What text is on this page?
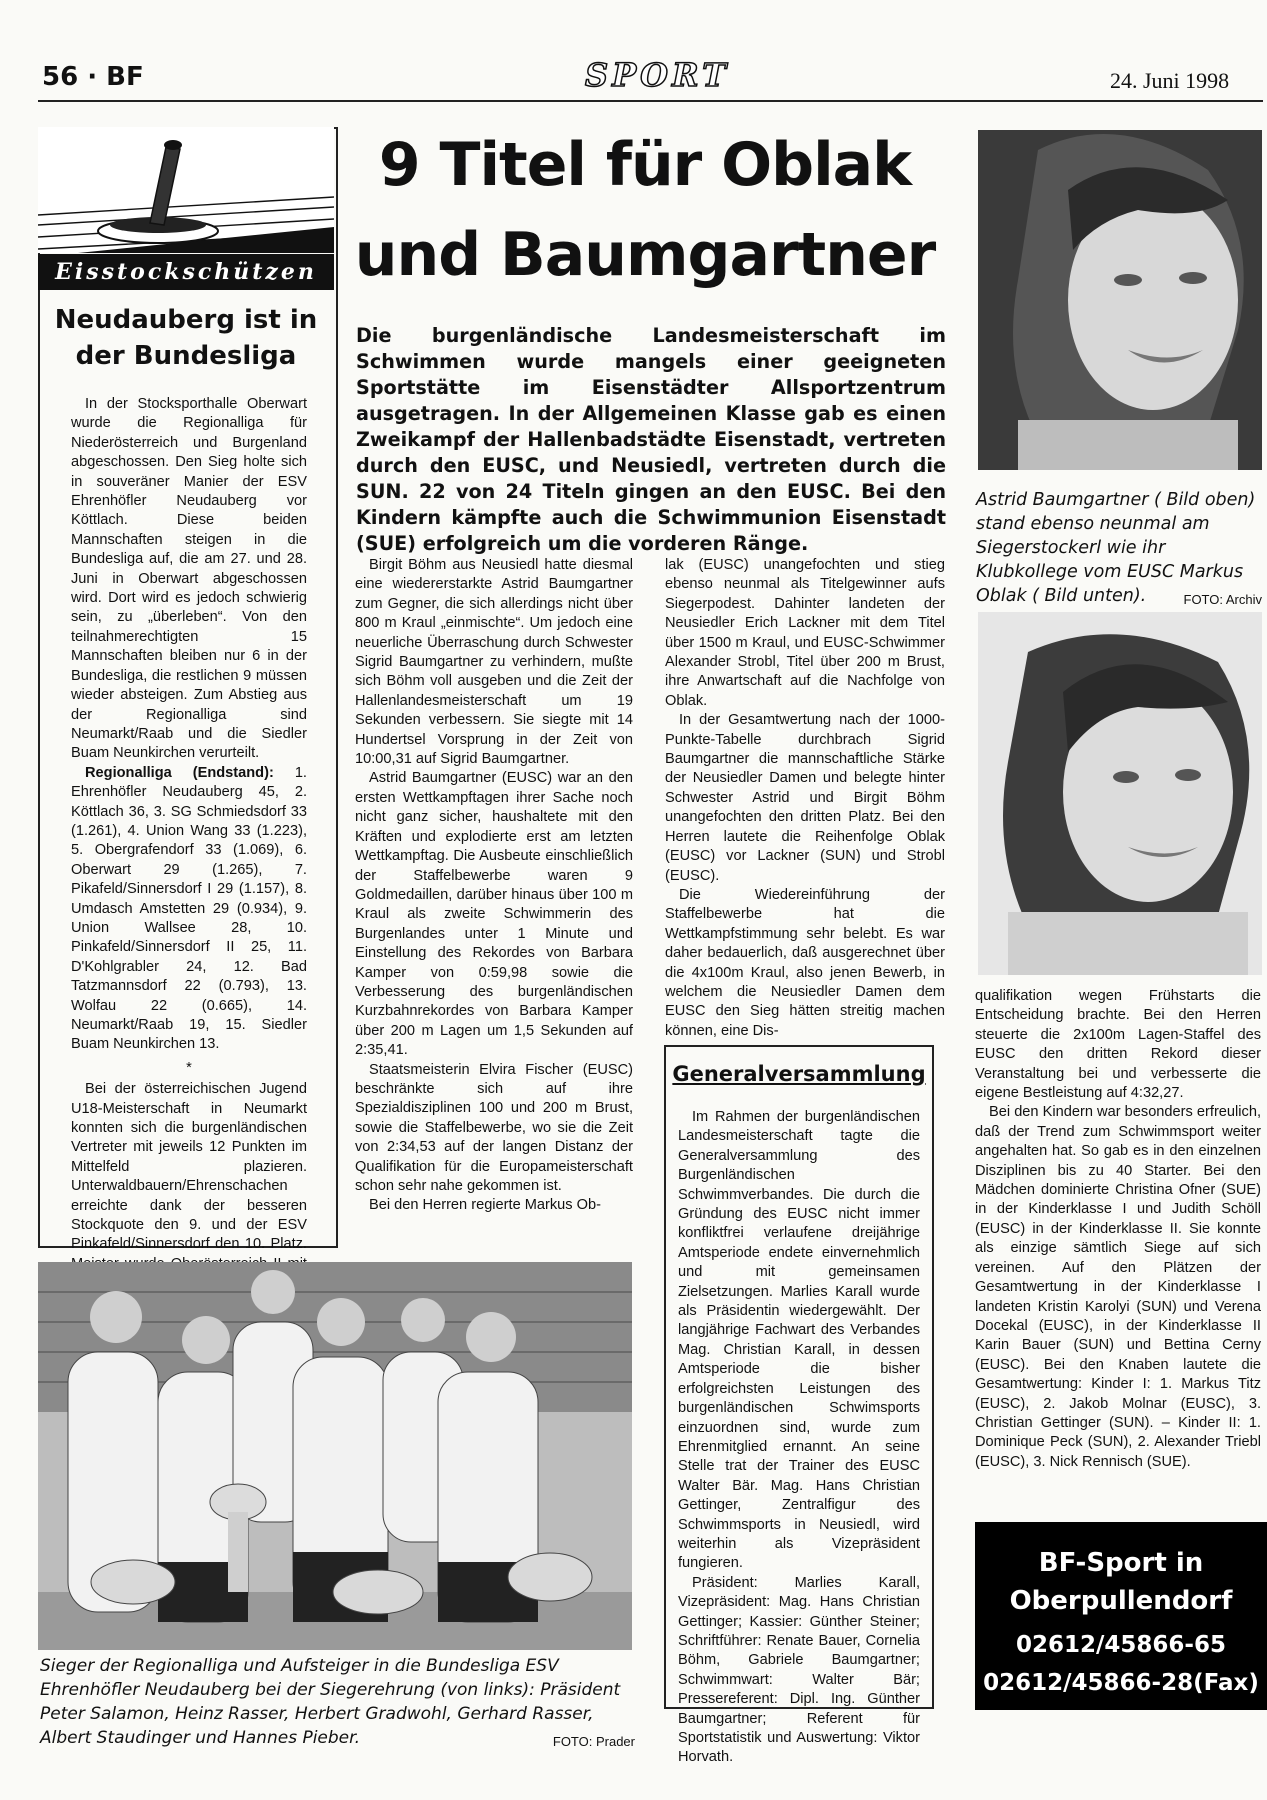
56 · BF	SPORT	24. Juni 1998
Eisstockschützen
Neudauberg ist in der Bundesliga

In der Stocksporthalle Oberwart wurde die Regionalliga für Niederösterreich und Burgenland abgeschossen. Den Sieg holte sich in souveräner Manier der ESV Ehrenhöfler Neudauberg vor Köttlach. Diese beiden Mannschaften steigen in die Bundesliga auf, die am 27. und 28. Juni in Oberwart abgeschossen wird. Dort wird es jedoch schwierig sein, zu „überleben“. Von den teilnahmerechtigten 15 Mannschaften bleiben nur 6 in der Bundesliga, die restlichen 9 müssen wieder absteigen. Zum Abstieg aus der Regionalliga sind Neumarkt/Raab und die Siedler Buam Neunkirchen verurteilt.

Regionalliga (Endstand): 1. Ehrenhöfler Neudauberg 45, 2. Köttlach 36, 3. SG Schmiedsdorf 33 (1.261), 4. Union Wang 33 (1.223), 5. Obergrafendorf 33 (1.069), 6. Oberwart 29 (1.265), 7. Pikafeld/Sinnersdorf I 29 (1.157), 8. Umdasch Amstetten 29 (0.934), 9. Union Wallsee 28, 10. Pinkafeld/Sinnersdorf II 25, 11. D'Kohlgrabler 24, 12. Bad Tatzmannsdorf 22 (0.793), 13. Wolfau 22 (0.665), 14. Neumarkt/Raab 19, 15. Siedler Buam Neunkirchen 13.

*

Bei der österreichischen Jugend U18-Meisterschaft in Neumarkt konnten sich die burgenländischen Vertreter mit jeweils 12 Punkten im Mittelfeld plazieren. Unterwaldbauern/Ehrenschachen erreichte dank der besseren Stockquote den 9. und der ESV Pinkafeld/Sinnersdorf den 10. Platz.

9 Titel für Oblak und Baumgartner
Die burgenländische Landesmeisterschaft im Schwimmen wurde mangels einer geeigneten Sportstätte im Eisenstädter Allsportzentrum ausgetragen. In der Allgemeinen Klasse gab es einen Zweikampf der Hallenbadstädte Eisenstadt, vertreten durch den EUSC, und Neusiedl, vertreten durch die SUN. 22 von 24 Titeln gingen an den EUSC. Bei den Kindern kämpfte auch die Schwimmunion Eisenstadt (SUE) erfolgreich um die vorderen Ränge.

Birgit Böhm aus Neusiedl hatte diesmal eine wiedererstarkte Astrid Baumgartner zum Gegner, die sich allerdings nicht über 800 m Kraul „einmischte“. Um jedoch eine neuerliche Überraschung durch Schwester Sigrid Baumgartner zu verhindern, mußte sich Böhm voll ausgeben und die Zeit der Hallenlandesmeisterschaft um 19 Sekunden verbessern. Sie siegte mit 14 Hundertsel Vorsprung in der Zeit von 10:00,31 auf Sigrid Baumgartner.

Astrid Baumgartner (EUSC) war an den ersten Wettkampftagen ihrer Sache noch nicht ganz sicher, haushaltete mit den Kräften und explodierte erst am letzten Wettkampftag. Die Ausbeute einschließlich der Staffelbewerbe waren 9 Goldmedaillen, darüber hinaus über 100 m Kraul als zweite Schwimmerin des Burgenlandes unter 1 Minute und Einstellung des Rekordes von Barbara Kamper von 0:59,98 sowie die Verbesserung des burgenländischen Kurzbahnrekordes von Barbara Kamper über 200 m Lagen um 1,5 Sekunden auf 2:35,41.

Staatsmeisterin Elvira Fischer (EUSC) beschränkte sich auf ihre Spezialdisziplinen 100 und 200 m Brust, sowie die Staffelbewerbe, wo sie die Zeit von 2:34,53 auf der langen Distanz der Qualifikation für die Europameisterschaft schon sehr nahe gekommen ist.

Bei den Herren regierte Markus Ob-

lak (EUSC) unangefochten und stieg ebenso neunmal als Titelgewinner aufs Siegerpodest. Dahinter landeten der Neusiedler Erich Lackner mit dem Titel über 1500 m Kraul, und EUSC-Schwimmer Alexander Strobl, Titel über 200 m Brust, ihre Anwartschaft auf die Nachfolge von Oblak.

In der Gesamtwertung nach der 1000-Punkte-Tabelle durchbrach Sigrid Baumgartner die mannschaftliche Stärke der Neusiedler Damen und belegte hinter Schwester Astrid und Birgit Böhm unangefochten den dritten Platz. Bei den Herren lautete die Reihenfolge Oblak (EUSC) vor Lackner (SUN) und Strobl (EUSC).

Die Wiedereinführung der Staffelbewerbe hat die Wettkampfstimmung sehr belebt. Es war daher bedauerlich, daß ausgerechnet über die 4x100m Kraul, also jenen Bewerb, in welchem die Neusiedler Damen dem EUSC den Sieg hätten streitig machen können, eine Dis-

Generalversammlung

Im Rahmen der burgenländischen Landesmeisterschaft tagte die Generalversammlung des Burgenländischen Schwimmverbandes. Die durch die Gründung des EUSC nicht immer konfliktfrei verlaufene dreijährige Amtsperiode endete einvernehmlich und mit gemeinsamen Zielsetzungen. Marlies Karall wurde als Präsidentin wiedergewählt. Der langjährige Fachwart des Verbandes Mag. Christian Karall, in dessen Amtsperiode die bisher erfolgreichsten Leistungen des burgenländischen Schwimsports einzuordnen sind, wurde zum Ehrenmitglied ernannt. An seine Stelle trat der Trainer des EUSC Walter Bär. Mag. Hans Christian Gettinger, Zentralfigur des Schwimmsports in Neusiedl, wird weiterhin als Vizepräsident fungieren.

Präsident: Marlies Karall, Vizepräsident: Mag. Hans Christian Gettinger; Kassier: Günther Steiner; Schriftführer: Renate Bauer, Cornelia Böhm, Gabriele Baumgartner; Schwimmwart: Walter Bär; Pressereferent: Dipl. Ing. Günther Baumgartner; Referent für Sportstatistik und Auswertung: Viktor Horvath.

Astrid Baumgartner ( Bild oben) stand ebenso neunmal am Siegerstockerl wie ihr Klubkollege vom EUSC Markus Oblak ( Bild unten).	FOTO: Archiv

qualifikation wegen Frühstarts die Entscheidung brachte. Bei den Herren steuerte die 2x100m Lagen-Staffel des EUSC den dritten Rekord dieser Veranstaltung bei und verbesserte die eigene Bestleistung auf 4:32,27.

Bei den Kindern war besonders erfreulich, daß der Trend zum Schwimmsport weiter angehalten hat. So gab es in den einzelnen Disziplinen bis zu 40 Starter. Bei den Mädchen dominierte Christina Ofner (SUE) in der Kinderklasse I und Judith Schöll (EUSC) in der Kinderklasse II. Sie konnte als einzige sämtlich Siege auf sich vereinen. Auf den Plätzen der Gesamtwertung in der Kinderklasse I landeten Kristin Karolyi (SUN) und Verena Docekal (EUSC), in der Kinderklasse II Karin Bauer (SUN) und Bettina Cerny (EUSC). Bei den Knaben lautete die Gesamtwertung: Kinder I: 1. Markus Titz (EUSC), 2. Jakob Molnar (EUSC), 3. Christian Gettinger (SUN). – Kinder II: 1. Dominique Peck (SUN), 2. Alexander Triebl (EUSC), 3. Nick Rennisch (SUE).

BF-Sport in Oberpullendorf
02612/45866-65
02612/45866-28(Fax)
Sieger der Regionalliga und Aufsteiger in die Bundesliga ESV Ehrenhöfler Neudauberg bei der Siegerehrung (von links): Präsident Peter Salamon, Heinz Rasser, Herbert Gradwohl, Gerhard Rasser, Albert Staudinger und Hannes Pieber.	FOTO: Prader
